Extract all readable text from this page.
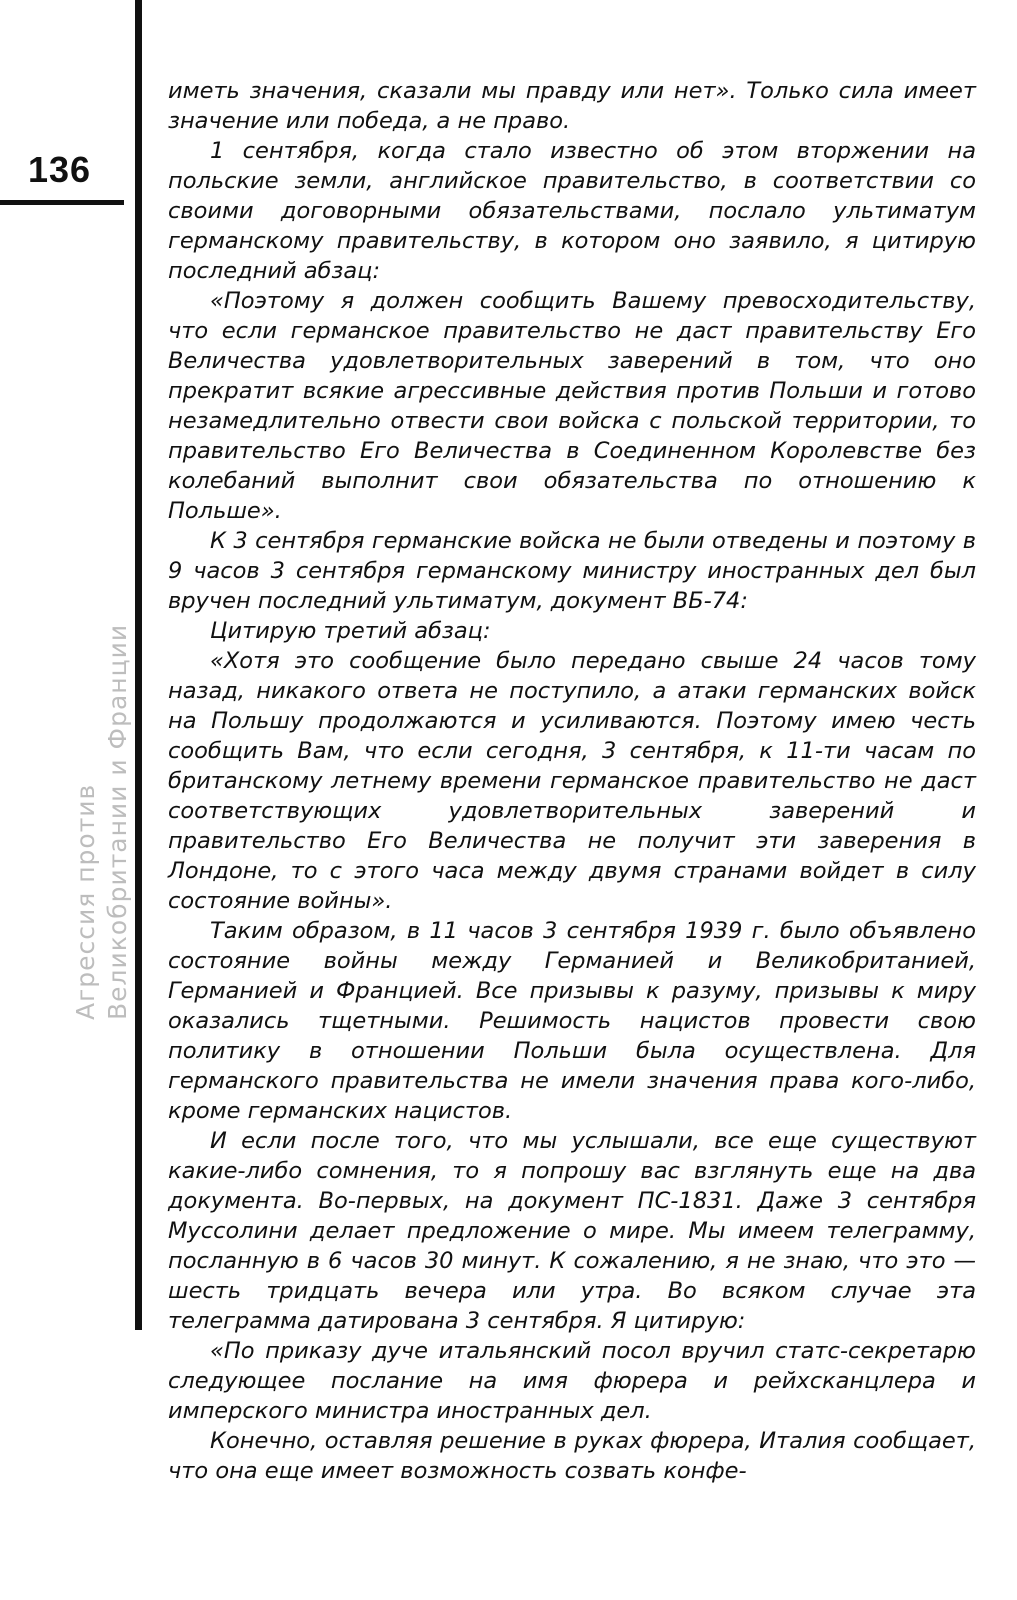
136
Агрессия против Великобритании и Франции

иметь значения, сказали мы правду или нет». Только сила имеет значение или победа, а не право.

1 сентября, когда стало известно об этом вторжении на польские земли, английское правительство, в соответствии со своими договорными обязательствами, послало ультиматум германскому правительству, в котором оно заявило, я цитирую последний абзац:

«Поэтому я должен сообщить Вашему превосходительству, что если германское правительство не даст правительству Его Величества удовлетворительных заверений в том, что оно прекратит всякие агрессивные действия против Польши и готово незамедлительно отвести свои войска с польской территории, то правительство Его Величества в Соединенном Королевстве без колебаний выполнит свои обязательства по отношению к Польше».

К 3 сентября германские войска не были отведены и поэтому в 9 часов 3 сентября германскому министру иностранных дел был вручен последний ультиматум, документ ВБ-74:

Цитирую третий абзац:

«Хотя это сообщение было передано свыше 24 часов тому назад, никакого ответа не поступило, а атаки германских войск на Польшу продолжаются и усиливаются. Поэтому имею честь сообщить Вам, что если сегодня, 3 сентября, к 11-ти часам по британскому летнему времени германское правительство не даст соответствующих удовлетворительных заверений и правительство Его Величества не получит эти заверения в Лондоне, то с этого часа между двумя странами войдет в силу состояние войны».

Таким образом, в 11 часов 3 сентября 1939 г. было объявлено состояние войны между Германией и Великобританией, Германией и Францией. Все призывы к разуму, призывы к миру оказались тщетными. Решимость нацистов провести свою политику в отношении Польши была осуществлена. Для германского правительства не имели значения права кого-либо, кроме германских нацистов.

И если после того, что мы услышали, все еще существуют какие-либо сомнения, то я попрошу вас взглянуть еще на два документа. Во-первых, на документ ПС-1831. Даже 3 сентября Муссолини делает предложение о мире. Мы имеем телеграмму, посланную в 6 часов 30 минут. К сожалению, я не знаю, что это — шесть тридцать вечера или утра. Во всяком случае эта телеграмма датирована 3 сентября. Я цитирую:

«По приказу дуче итальянский посол вручил статс-секретарю следующее послание на имя фюрера и рейхсканцлера и имперского министра иностранных дел.

Конечно, оставляя решение в руках фюрера, Италия сообщает, что она еще имеет возможность созвать конфе-
